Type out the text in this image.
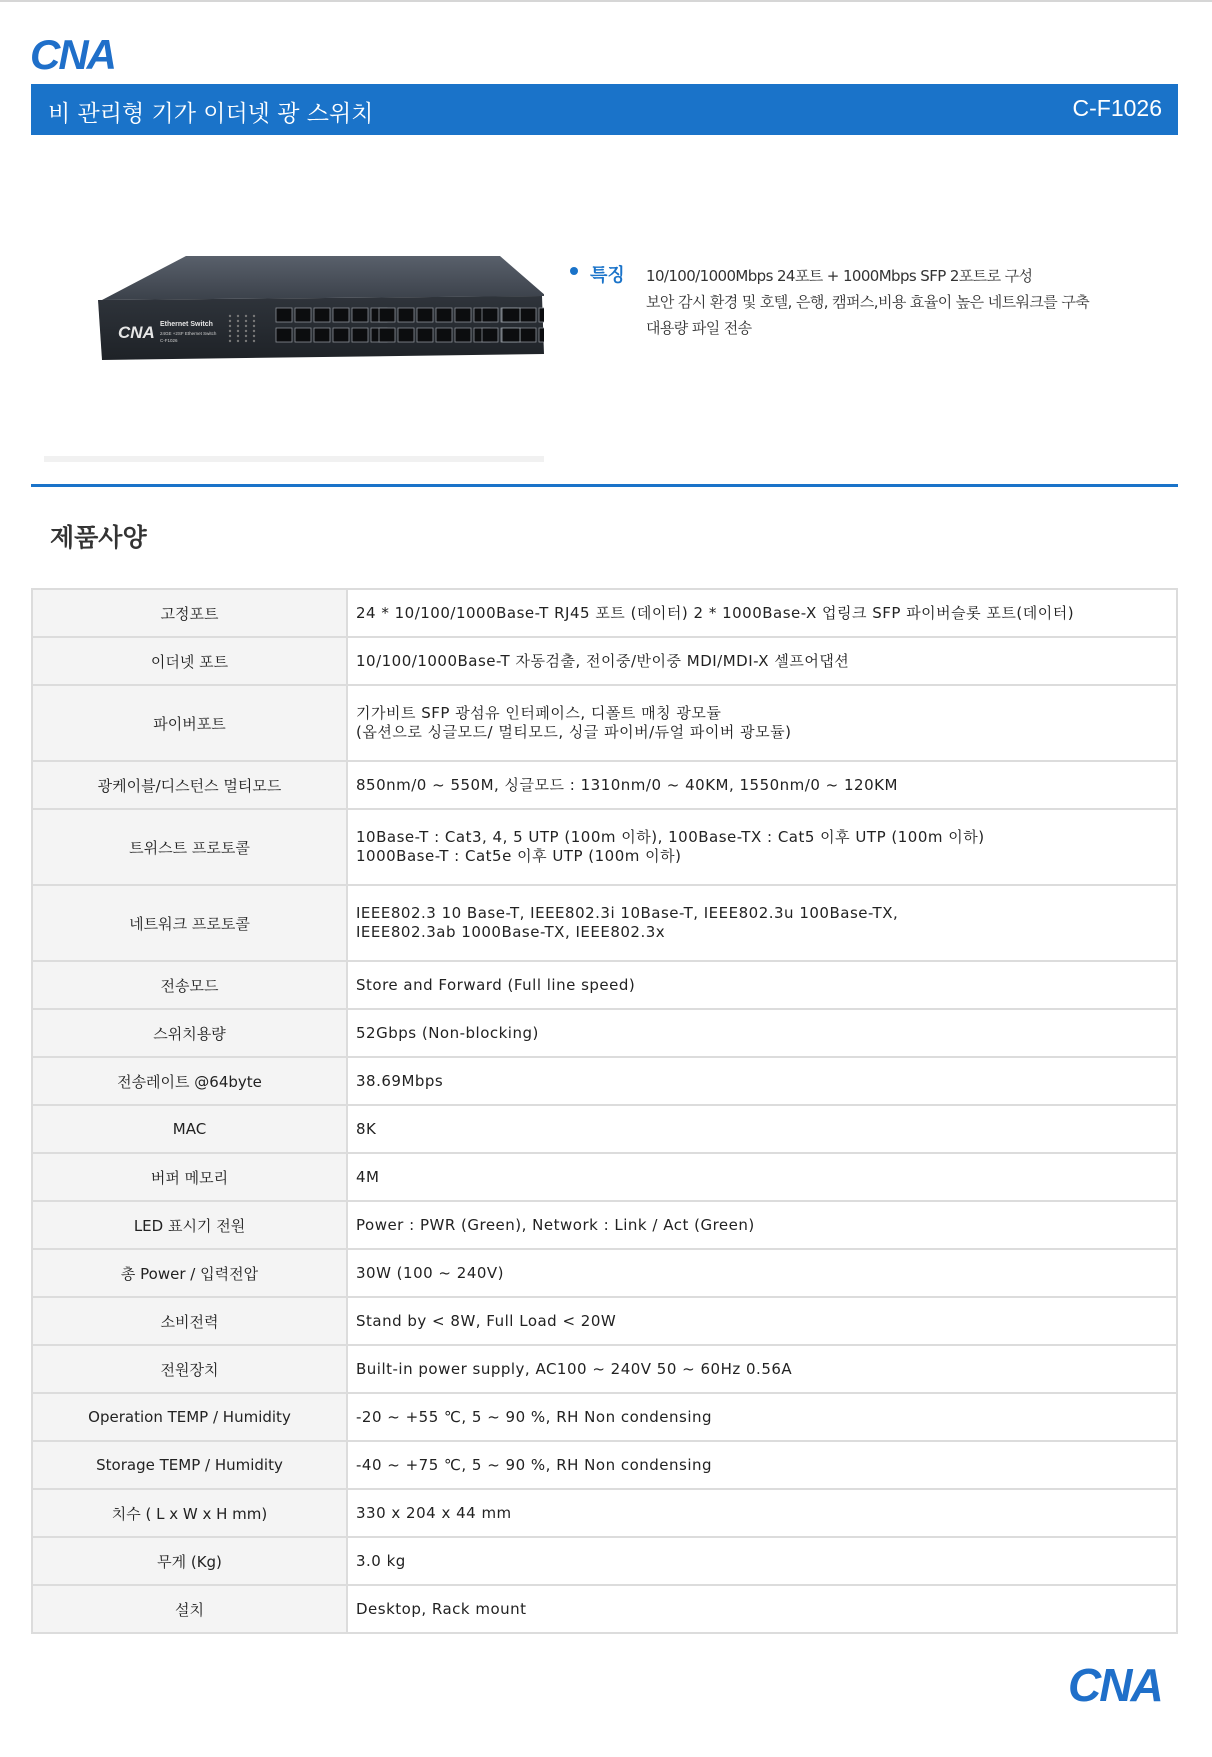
CNA
비 관리형 기가 이더넷 광 스위치	C-F1026
CNA Ethernet Switch
24GE +2SF Ethernet Switch
C-F1026
특징 10/100/1000Mbps 24포트 + 1000Mbps SFP 2포트로 구성
보안 감시 환경 및 호텔, 은행, 캠퍼스,비용 효율이 높은 네트워크를 구축
대용량 파일 전송
제품사양
고정포트	24 * 10/100/1000Base-T RJ45 포트 (데이터) 2 * 1000Base-X 업링크 SFP 파이버슬롯 포트(데이터)
이더넷 포트	10/100/1000Base-T 자동검출, 전이중/반이중 MDI/MDI-X 셀프어댑션
파이버포트	기가비트 SFP 광섬유 인터페이스, 디폴트 매칭 광모듈
(옵션으로 싱글모드/ 멀티모드, 싱글 파이버/듀얼 파이버 광모듈)
광케이블/디스턴스 멀티모드	850nm/0 ~ 550M, 싱글모드 : 1310nm/0 ~ 40KM, 1550nm/0 ~ 120KM
트위스트 프로토콜	10Base-T : Cat3, 4, 5 UTP (100m 이하), 100Base-TX : Cat5 이후 UTP (100m 이하)
1000Base-T : Cat5e 이후 UTP (100m 이하)
네트워크 프로토콜	IEEE802.3 10 Base-T, IEEE802.3i 10Base-T, IEEE802.3u 100Base-TX,
IEEE802.3ab 1000Base-TX, IEEE802.3x
전송모드	Store and Forward (Full line speed)
스위치용량	52Gbps (Non-blocking)
전송레이트 @64byte	38.69Mbps
MAC	8K
버퍼 메모리	4M
LED 표시기 전원	Power : PWR (Green), Network : Link / Act (Green)
총 Power / 입력전압	30W (100 ~ 240V)
소비전력	Stand by < 8W, Full Load < 20W
전원장치	Built-in power supply, AC100 ~ 240V 50 ~ 60Hz 0.56A
Operation TEMP / Humidity	-20 ~ +55 ℃, 5 ~ 90 %, RH Non condensing
Storage TEMP / Humidity	-40 ~ +75 ℃, 5 ~ 90 %, RH Non condensing
치수 ( L x W x H mm)	330 x 204 x 44 mm
무게 (Kg)	3.0 kg
설치	Desktop, Rack mount
CNA
